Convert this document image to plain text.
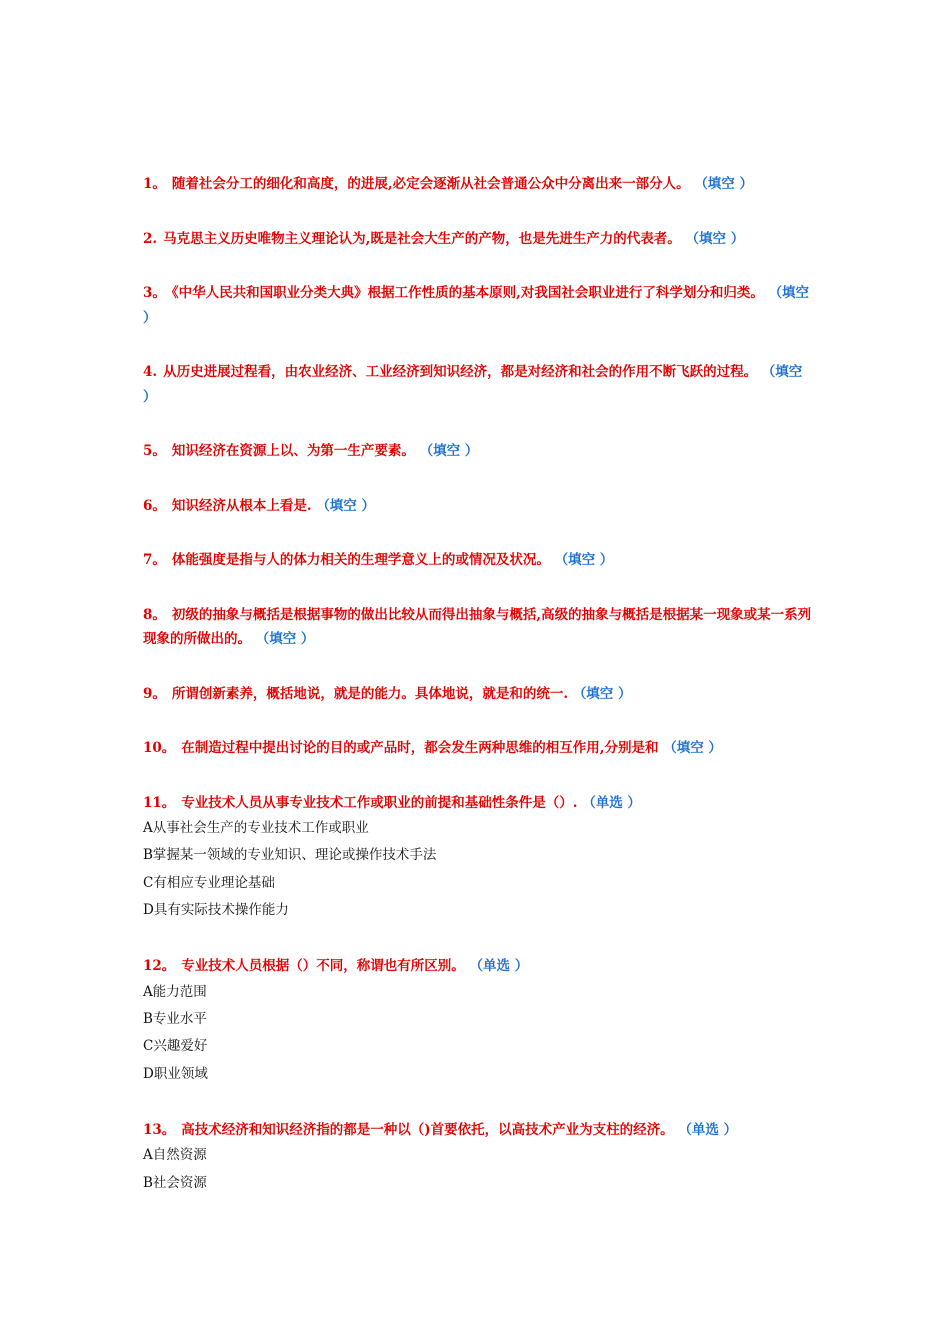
1。 随着社会分工的细化和高度，的进展,必定会逐渐从社会普通公众中分离出来一部分人。 （填空 ）

2. 马克思主义历史唯物主义理论认为,既是社会大生产的产物，也是先进生产力的代表者。 （填空 ）

3。 《中华人民共和国职业分类大典》根据工作性质的基本原则,对我国社会职业进行了科学划分和归类。 （填空 ）

4. 从历史进展过程看，由农业经济、工业经济到知识经济，都是对经济和社会的作用不断飞跃的过程。 （填空 ）

5。 知识经济在资源上以、为第一生产要素。 （填空 ）

6。 知识经济从根本上看是. （填空 ）

7。 体能强度是指与人的体力相关的生理学意义上的或情况及状况。 （填空 ）

8。 初级的抽象与概括是根据事物的做出比较从而得出抽象与概括,高级的抽象与概括是根据某一现象或某一系列现象的所做出的。 （填空 ）

9。 所谓创新素养，概括地说，就是的能力。具体地说，就是和的统一. （填空 ）

10。 在制造过程中提出讨论的目的或产品时，都会发生两种思维的相互作用,分别是和 （填空 ）

11。 专业技术人员从事专业技术工作或职业的前提和基础性条件是（）. （单选 ）

A从事社会生产的专业技术工作或职业

B掌握某一领域的专业知识、理论或操作技术手法

C有相应专业理论基础

D具有实际技术操作能力

12。 专业技术人员根据（）不同，称谓也有所区别。 （单选 ）

A能力范围

B专业水平

C兴趣爱好

D职业领域

13。 高技术经济和知识经济指的都是一种以（)首要依托，以高技术产业为支柱的经济。 （单选 ）

A自然资源

B社会资源
